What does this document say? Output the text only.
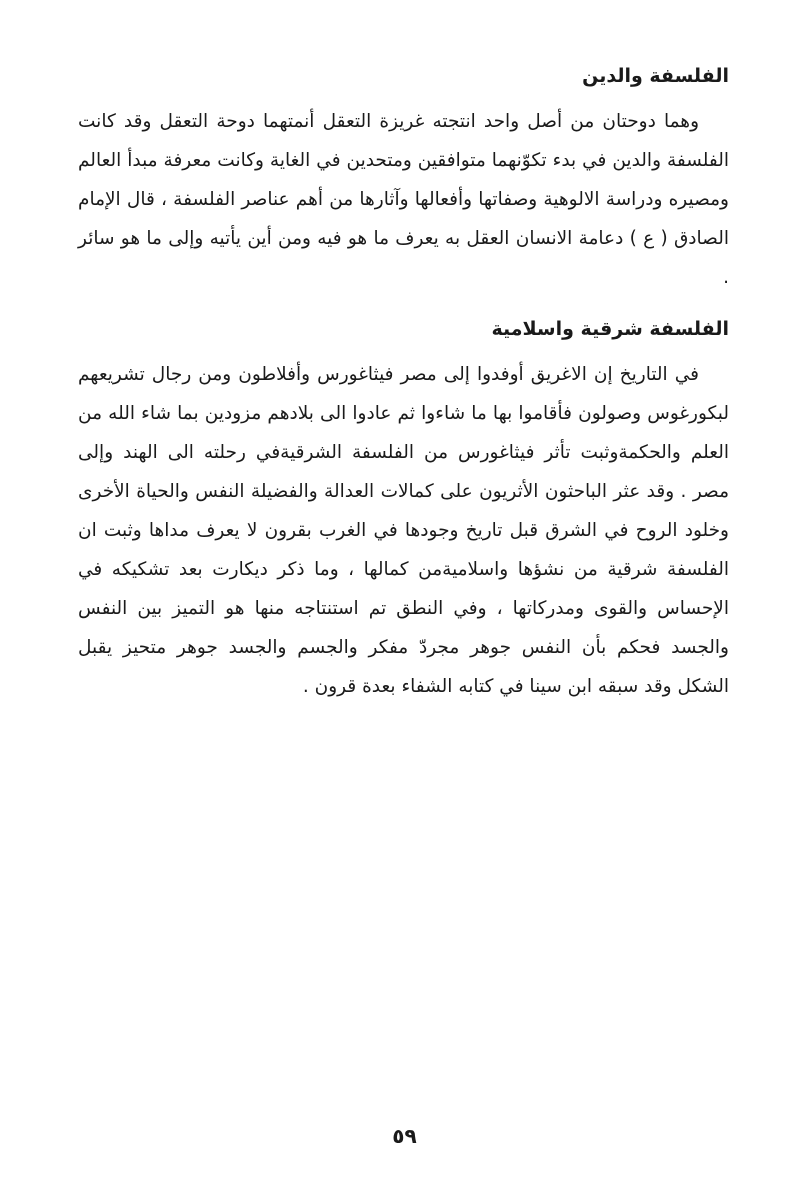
الفلسفة والدين

وهما دوحتان من أصل واحد انتجته غريزة التعقل أنمتهما دوحة التعقل وقد كانت الفلسفة والدين في بدء تكوّنهما متوافقين ومتحدين في الغاية وكانت معرفة مبدأ العالم ومصيره ودراسة الالوهية وصفاتها وأفعالها وآثارها من أهم عناصر الفلسفة ، قال الإمام الصادق ( ع ) دعامة الانسان العقل به يعرف ما هو فيه ومن أين يأتيه وإلى ما هو سائر .

الفلسفة شرقية واسلامية

في التاريخ إن الاغريق أوفدوا إلى مصر فيثاغورس وأفلاطون ومن رجال تشريعهم لبكورغوس وصولون فأقاموا بها ما شاءوا ثم عادوا الى بلادهم مزودين بما شاء الله من العلم والحكمةوثبت تأثر فيثاغورس من الفلسفة الشرقيةفي رحلته الى الهند وإلى مصر . وقد عثر الباحثون الأثريون على كمالات العدالة والفضيلة النفس والحياة الأخرى وخلود الروح في الشرق قبل تاريخ وجودها في الغرب بقرون لا يعرف مداها وثبت ان الفلسفة شرقية من نشؤها واسلاميةمن كمالها ، وما ذكر ديكارت بعد تشكيكه في الإحساس والقوى ومدركاتها ، وفي النطق تم استنتاجه منها هو التميز بين النفس والجسد فحكم بأن النفس جوهر مجردّ مفكر والجسم والجسد جوهر متحيز يقبل الشكل وقد سبقه ابن سينا في كتابه الشفاء بعدة قرون .

٥٩
